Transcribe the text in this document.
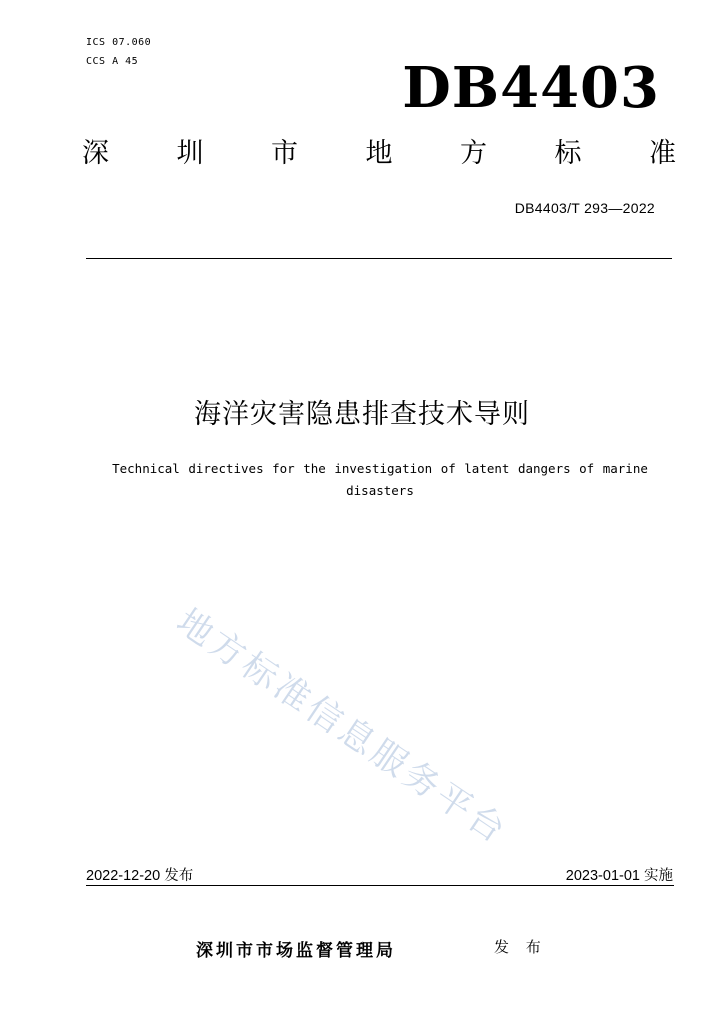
ICS 07.060
CCS A 45	DB4403
深	圳	市	地	方	标	准
DB4403/T 293—2022
海洋灾害隐患排查技术导则
Technical directives for the investigation of latent dangers of marine disasters
地方标准信息服务平台
2022-12-20 发布	2023-01-01 实施
深圳市市场监督管理局	发 布
